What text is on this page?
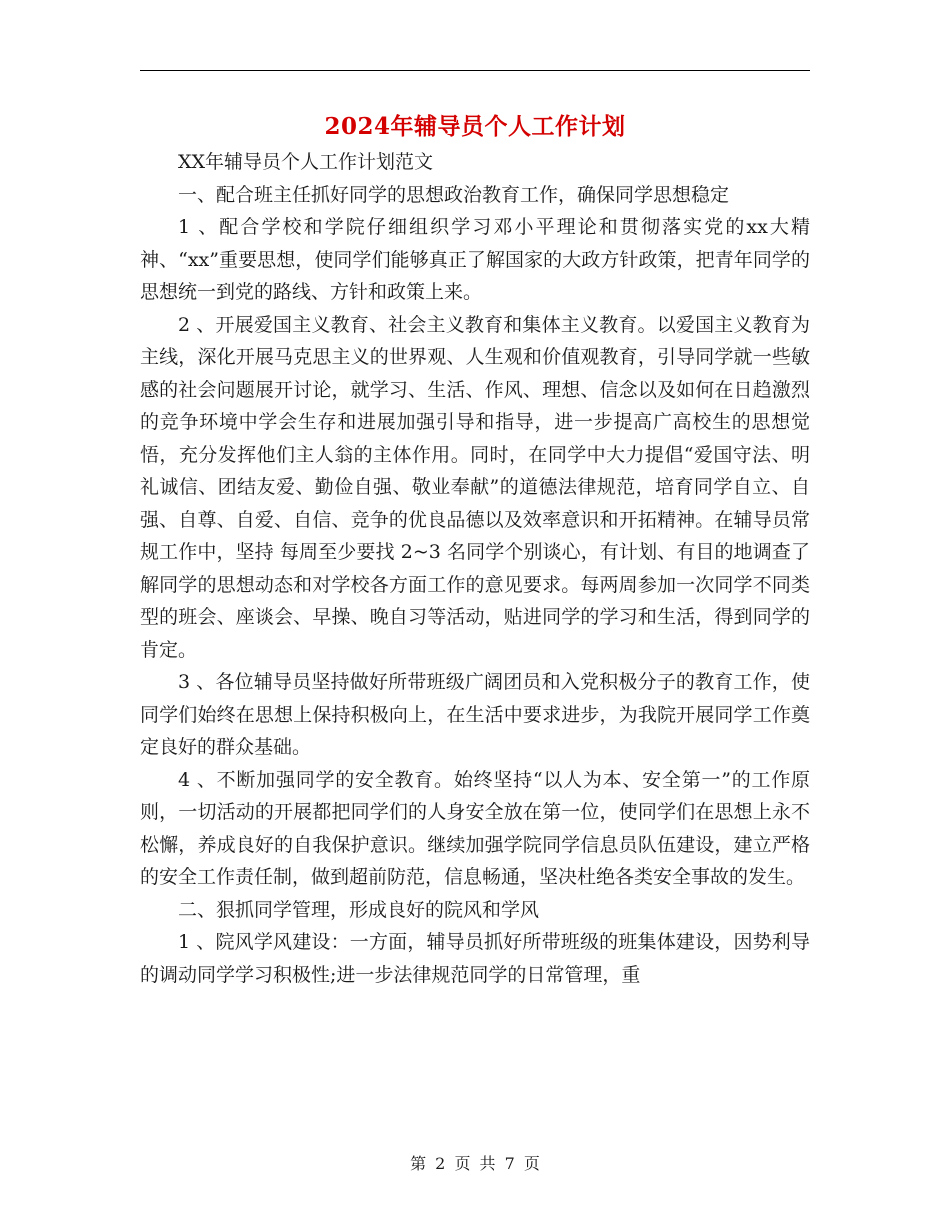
2024年辅导员个人工作计划

XX年辅导员个人工作计划范文

一、配合班主任抓好同学的思想政治教育工作，确保同学思想稳定

1 、配合学校和学院仔细组织学习邓小平理论和贯彻落实党的xx大精神、“xx”重要思想，使同学们能够真正了解国家的大政方针政策，把青年同学的思想统一到党的路线、方针和政策上来。

2 、开展爱国主义教育、社会主义教育和集体主义教育。以爱国主义教育为主线，深化开展马克思主义的世界观、人生观和价值观教育，引导同学就一些敏感的社会问题展开讨论，就学习、生活、作风、理想、信念以及如何在日趋激烈的竞争环境中学会生存和进展加强引导和指导，进一步提高广高校生的思想觉悟，充分发挥他们主人翁的主体作用。同时，在同学中大力提倡“爱国守法、明礼诚信、团结友爱、勤俭自强、敬业奉献”的道德法律规范，培育同学自立、自强、自尊、自爱、自信、竞争的优良品德以及效率意识和开拓精神。在辅导员常规工作中，坚持 每周至少要找 2~3 名同学个别谈心，有计划、有目的地调查了解同学的思想动态和对学校各方面工作的意见要求。每两周参加一次同学不同类型的班会、座谈会、早操、晚自习等活动，贴进同学的学习和生活，得到同学的肯定。

3 、各位辅导员坚持做好所带班级广阔团员和入党积极分子的教育工作，使同学们始终在思想上保持积极向上，在生活中要求进步，为我院开展同学工作奠定良好的群众基础。

4 、不断加强同学的安全教育。始终坚持“以人为本、安全第一”的工作原则，一切活动的开展都把同学们的人身安全放在第一位，使同学们在思想上永不松懈，养成良好的自我保护意识。继续加强学院同学信息员队伍建设，建立严格的安全工作责任制，做到超前防范，信息畅通，坚决杜绝各类安全事故的发生。

二、狠抓同学管理，形成良好的院风和学风

1 、院风学风建设：一方面，辅导员抓好所带班级的班集体建设，因势利导的调动同学学习积极性;进一步法律规范同学的日常管理，重

第 2 页 共 7 页
